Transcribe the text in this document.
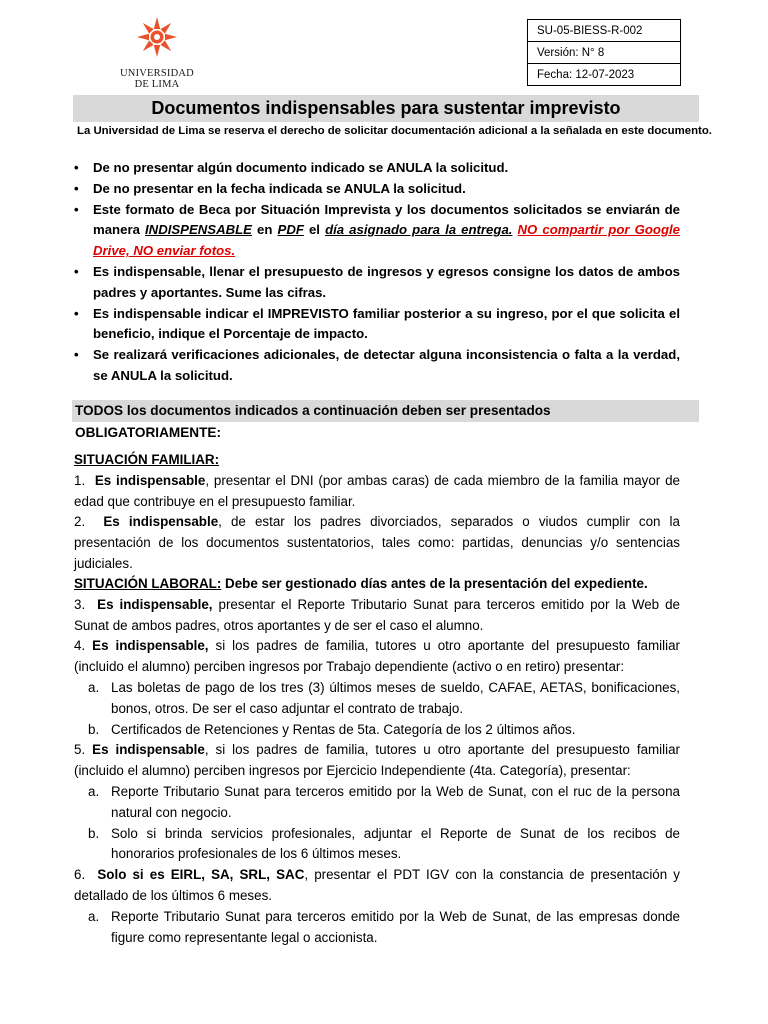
UNIVERSIDAD
DE LIMA
SU-05-BIESS-R-002
Versión: N° 8
Fecha: 12-07-2023
Documentos indispensables para sustentar imprevisto
La Universidad de Lima se reserva el derecho de solicitar documentación adicional a la señalada en este documento.
• De no presentar algún documento indicado se ANULA la solicitud.
• De no presentar en la fecha indicada se ANULA la solicitud.
• Este formato de Beca por Situación Imprevista y los documentos solicitados se enviarán de manera INDISPENSABLE en PDF el día asignado para la entrega. NO compartir por Google Drive, NO enviar fotos.
• Es indispensable, llenar el presupuesto de ingresos y egresos consigne los datos de ambos padres y aportantes. Sume las cifras.
• Es indispensable indicar el IMPREVISTO familiar posterior a su ingreso, por el que solicita el beneficio, indique el Porcentaje de impacto.
• Se realizará verificaciones adicionales, de detectar alguna inconsistencia o falta a la verdad, se ANULA la solicitud.
TODOS los documentos indicados a continuación deben ser presentados OBLIGATORIAMENTE:
SITUACIÓN FAMILIAR:
1. Es indispensable, presentar el DNI (por ambas caras) de cada miembro de la familia mayor de edad que contribuye en el presupuesto familiar.
2. Es indispensable, de estar los padres divorciados, separados o viudos cumplir con la presentación de los documentos sustentatorios, tales como: partidas, denuncias y/o sentencias judiciales.
SITUACIÓN LABORAL: Debe ser gestionado días antes de la presentación del expediente.
3. Es indispensable, presentar el Reporte Tributario Sunat para terceros emitido por la Web de Sunat de ambos padres, otros aportantes y de ser el caso el alumno.
4. Es indispensable, si los padres de familia, tutores u otro aportante del presupuesto familiar (incluido el alumno) perciben ingresos por Trabajo dependiente (activo o en retiro) presentar:
a. Las boletas de pago de los tres (3) últimos meses de sueldo, CAFAE, AETAS, bonificaciones, bonos, otros. De ser el caso adjuntar el contrato de trabajo.
b. Certificados de Retenciones y Rentas de 5ta. Categoría de los 2 últimos años.
5. Es indispensable, si los padres de familia, tutores u otro aportante del presupuesto familiar (incluido el alumno) perciben ingresos por Ejercicio Independiente (4ta. Categoría), presentar:
a. Reporte Tributario Sunat para terceros emitido por la Web de Sunat, con el ruc de la persona natural con negocio.
b. Solo si brinda servicios profesionales, adjuntar el Reporte de Sunat de los recibos de honorarios profesionales de los 6 últimos meses.
6. Solo si es EIRL, SA, SRL, SAC, presentar el PDT IGV con la constancia de presentación y detallado de los últimos 6 meses.
a. Reporte Tributario Sunat para terceros emitido por la Web de Sunat, de las empresas donde figure como representante legal o accionista.
